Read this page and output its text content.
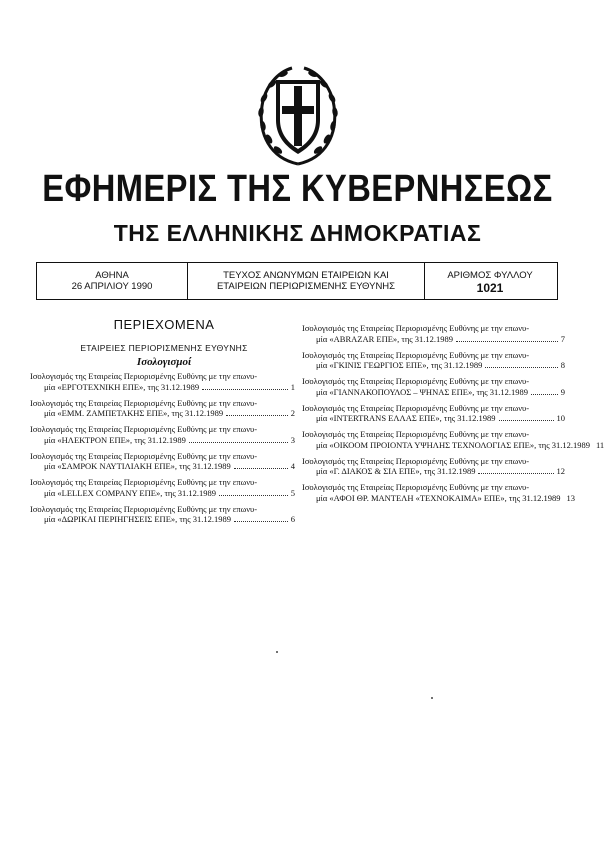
ΕΦΗΜΕΡΙΣ ΤΗΣ ΚΥΒΕΡΝΗΣΕΩΣ
ΤΗΣ ΕΛΛΗΝΙΚΗΣ ΔΗΜΟΚΡΑΤΙΑΣ
ΑΘΗΝΑ
26 ΑΠΡΙΛΙΟΥ 1990
ΤΕΥΧΟΣ ΑΝΩΝΥΜΩΝ ΕΤΑΙΡΕΙΩΝ ΚΑΙ
ΕΤΑΙΡΕΙΩΝ ΠΕΡΙΩΡΙΣΜΕΝΗΣ ΕΥΘΥΝΗΣ
ΑΡΙΘΜΟΣ ΦΥΛΛΟΥ
1021
ΠΕΡΙΕΧΟΜΕΝΑ
ΕΤΑΙΡΕΙΕΣ ΠΕΡΙΟΡΙΣΜΕΝΗΣ ΕΥΘΥΝΗΣ
Ισολογισμοί
Ισολογισμός της Εταιρείας Περιορισμένης Ευθύνης με την επωνυ-
μία «ΕΡΓΟΤΕΧΝΙΚΗ ΕΠΕ», της 31.12.1989	1
Ισολογισμός της Εταιρείας Περιορισμένης Ευθύνης με την επωνυ-
μία «ΕΜΜ. ΖΑΜΠΕΤΑΚΗΣ ΕΠΕ», της 31.12.1989	2
Ισολογισμός της Εταιρείας Περιορισμένης Ευθύνης με την επωνυ-
μία «ΗΛΕΚΤΡΟΝ ΕΠΕ», της 31.12.1989	3
Ισολογισμός της Εταιρείας Περιορισμένης Ευθύνης με την επωνυ-
μία «ΣΑΜΡΟΚ ΝΑΥΤΙΛΙΑΚΗ ΕΠΕ», της 31.12.1989	4
Ισολογισμός της Εταιρείας Περιορισμένης Ευθύνης με την επωνυ-
μία «LELLEX COMPANY ΕΠΕ», της 31.12.1989	5
Ισολογισμός της Εταιρείας Περιορισμένης Ευθύνης με την επωνυ-
μία «ΔΩΡΙΚΑΙ ΠΕΡΙΗΓΗΣΕΙΣ ΕΠΕ», της 31.12.1989	6
Ισολογισμός της Εταιρείας Περιορισμένης Ευθύνης με την επωνυ-
μία «ABRAZAR ΕΠΕ», της 31.12.1989	7
Ισολογισμός της Εταιρείας Περιορισμένης Ευθύνης με την επωνυ-
μία «ΓΚΙΝΙΣ ΓΕΩΡΓΙΟΣ ΕΠΕ», της 31.12.1989	8
Ισολογισμός της Εταιρείας Περιορισμένης Ευθύνης με την επωνυ-
μία «ΓΙΑΝΝΑΚΟΠΟΥΛΟΣ – ΨΗΝΑΣ ΕΠΕ», της 31.12.1989	9
Ισολογισμός της Εταιρείας Περιορισμένης Ευθύνης με την επωνυ-
μία «INTERTRANS ΕΛΛΑΣ ΕΠΕ», της 31.12.1989	10
Ισολογισμός της Εταιρείας Περιορισμένης Ευθύνης με την επωνυ-
μία «ΟΙΚΟΟΜ ΠΡΟΙΟΝΤΑ ΥΨΗΛΗΣ ΤΕΧΝΟΛΟΓΙΑΣ ΕΠΕ», της 31.12.1989 11
Ισολογισμός της Εταιρείας Περιορισμένης Ευθύνης με την επωνυ-
μία «Γ. ΔΙΑΚΟΣ & ΣΙΑ ΕΠΕ», της 31.12.1989	12
Ισολογισμός της Εταιρείας Περιορισμένης Ευθύνης με την επωνυ-
μία «ΑΦΟΙ ΘΡ. ΜΑΝΤΕΛΗ «ΤΕΧΝΟΚΑΙΜΑ» ΕΠΕ», της 31.12.1989 13
